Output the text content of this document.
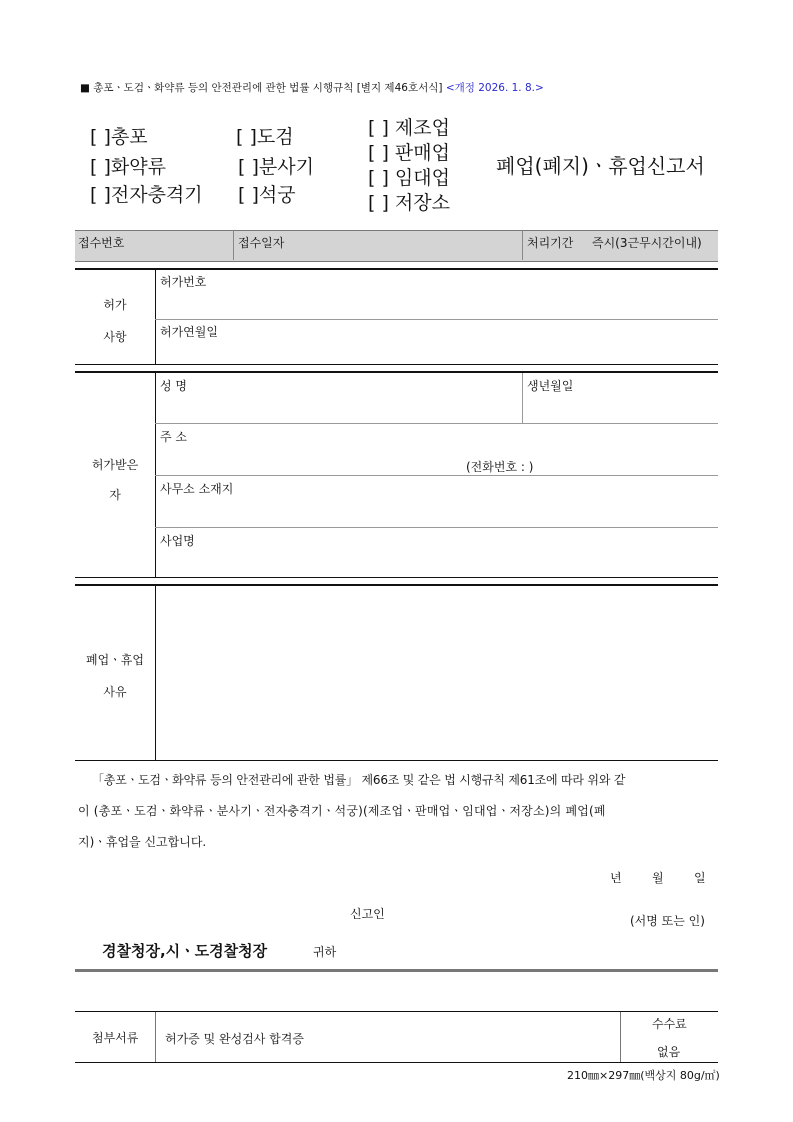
■ 총포ㆍ도검ㆍ화약류 등의 안전관리에 관한 법률 시행규칙 [별지 제46호서식] <개정 2026. 1. 8.>
[ ]총포
[ ]화약류
[ ]전자충격기
[ ]도검
[ ]분사기
[ ]석궁
[ ] 제조업
[ ] 판매업
[ ] 임대업
[ ] 저장소
폐업(폐지)ㆍ휴업신고서
접수번호	접수일자	처리기간 즉시(3근무시간이내)
허가
사항
허가번호
허가연월일
허가받은
자
성 명	생년월일
주 소
(전화번호 : )
사무소 소재지
사업명
폐업ㆍ휴업
사유
「총포ㆍ도검ㆍ화약류 등의 안전관리에 관한 법률」 제66조 및 같은 법 시행규칙 제61조에 따라 위와 같
이 (총포ㆍ도검ㆍ화약류ㆍ분사기ㆍ전자충격기ㆍ석궁)(제조업ㆍ판매업ㆍ임대업ㆍ저장소)의 폐업(폐
지)ㆍ휴업을 신고합니다.
년	월	일
신고인	(서명 또는 인)
경찰청장,시ㆍ도경찰청장	귀하
첨부서류 허가증 및 완성검사 합격증
수수료
없음
210㎜×297㎜(백상지 80g/㎡)
